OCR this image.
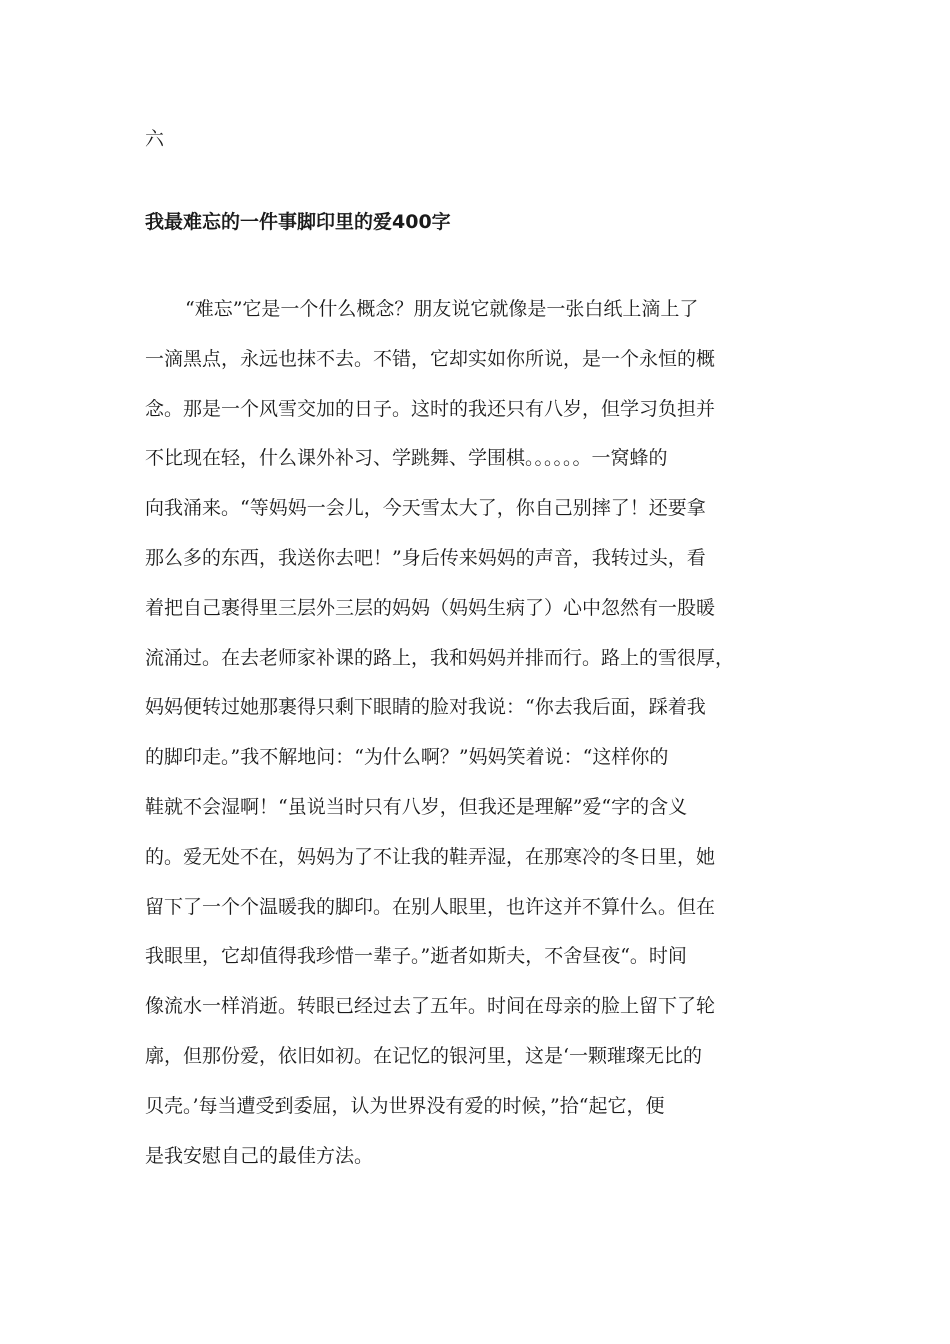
六
我最难忘的一件事脚印里的爱400字
“难忘”它是一个什么概念？朋友说它就像是一张白纸上滴上了
一滴黑点，永远也抹不去。不错，它却实如你所说，是一个永恒的概
念。那是一个风雪交加的日子。这时的我还只有八岁，但学习负担并
不比现在轻，什么课外补习、学跳舞、学围棋。。。。。。一窝蜂的
向我涌来。“等妈妈一会儿，今天雪太大了，你自己别摔了！还要拿
那么多的东西，我送你去吧！”身后传来妈妈的声音，我转过头，看
着把自己裹得里三层外三层的妈妈（妈妈生病了）心中忽然有一股暖
流涌过。在去老师家补课的路上，我和妈妈并排而行。路上的雪很厚，
妈妈便转过她那裹得只剩下眼睛的脸对我说：“你去我后面，踩着我
的脚印走。”我不解地问：“为什么啊？”妈妈笑着说：“这样你的
鞋就不会湿啊！“虽说当时只有八岁，但我还是理解”爱“字的含义
的。爱无处不在，妈妈为了不让我的鞋弄湿，在那寒冷的冬日里，她
留下了一个个温暖我的脚印。在别人眼里，也许这并不算什么。但在
我眼里，它却值得我珍惜一辈子。”逝者如斯夫，不舍昼夜“。时间
像流水一样消逝。转眼已经过去了五年。时间在母亲的脸上留下了轮
廓，但那份爱，依旧如初。在记忆的银河里，这是‘一颗璀璨无比的
贝壳。’每当遭受到委屈，认为世界没有爱的时候，”拾“起它，便
是我安慰自己的最佳方法。
